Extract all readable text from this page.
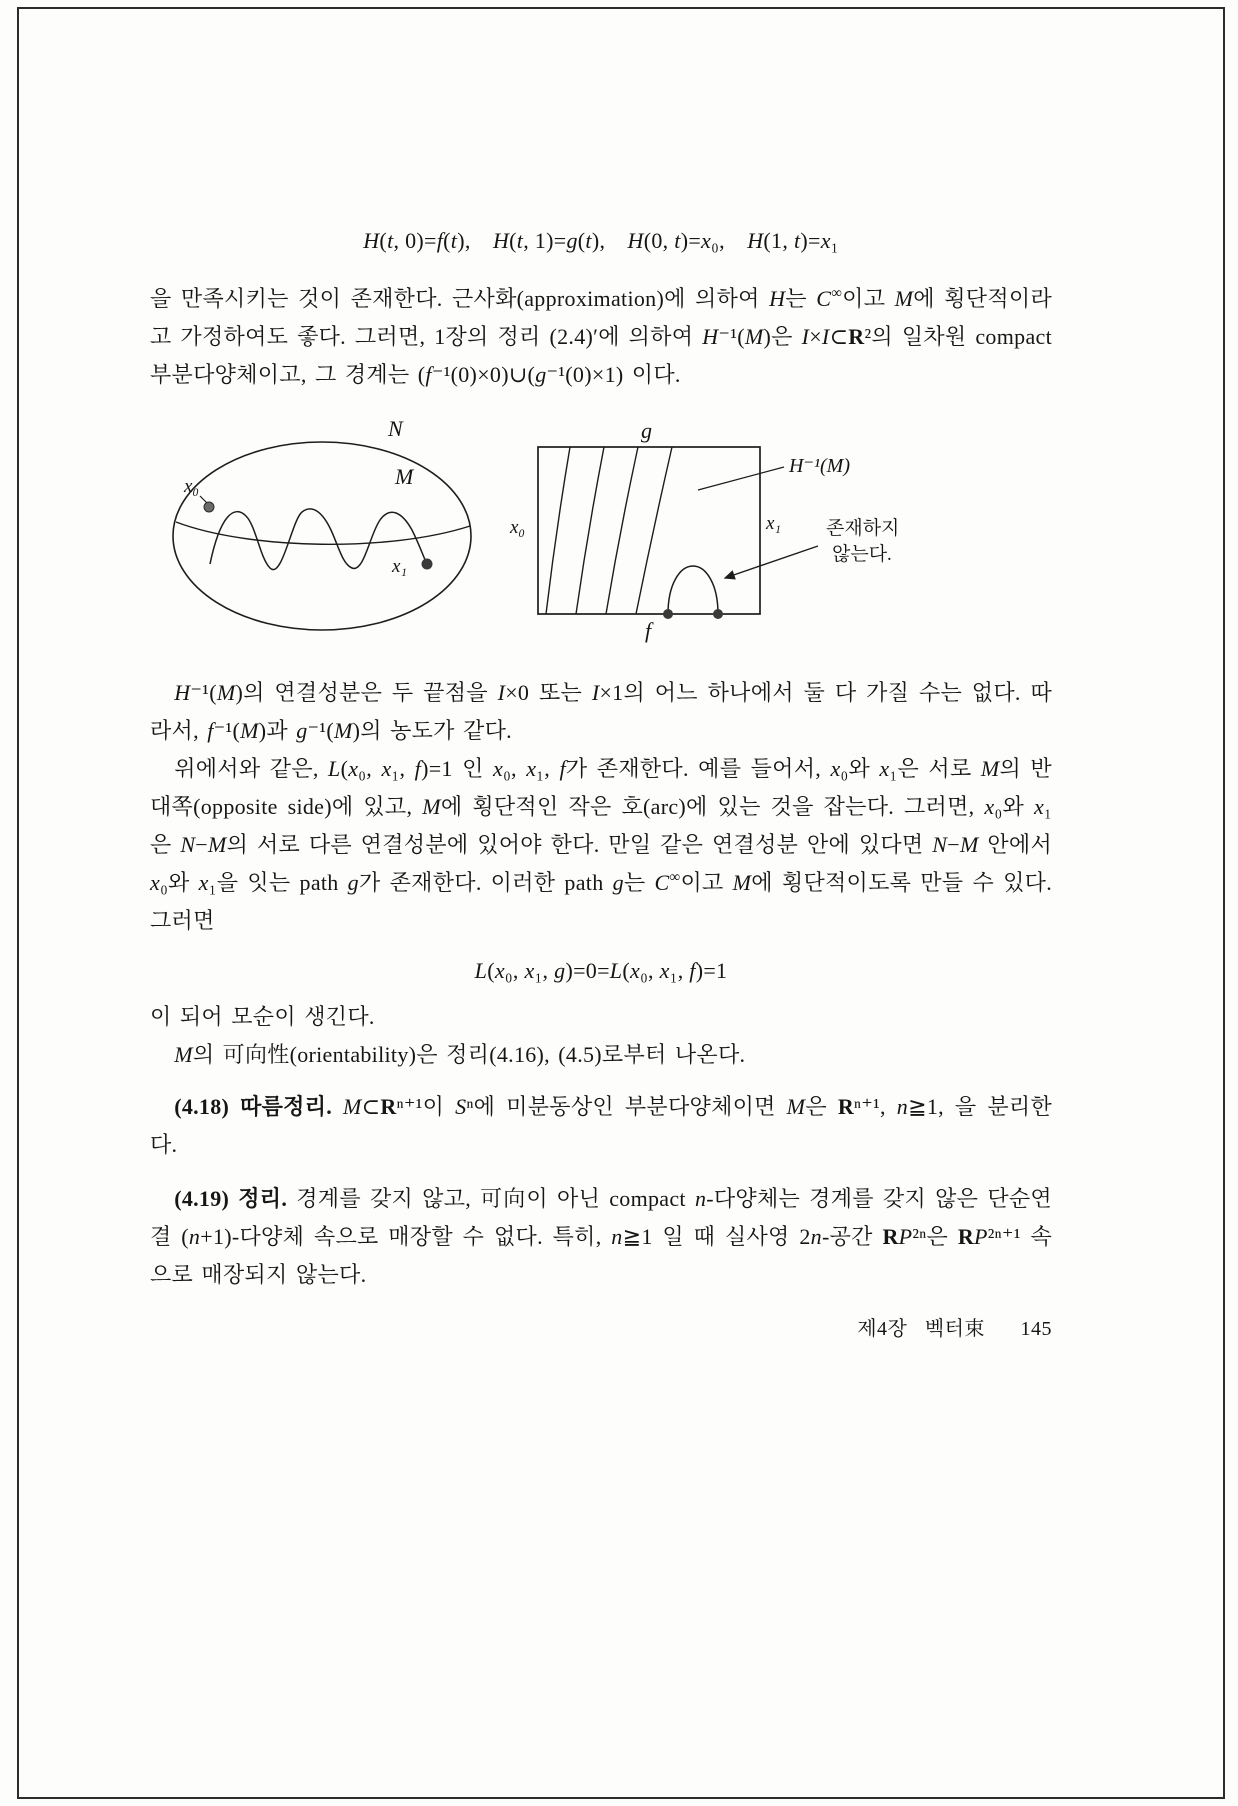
H(t, 0)=f(t), H(t, 1)=g(t), H(0, t)=x₀, H(1, t)=x₁

을 만족시키는 것이 존재한다. 근사화(approximation)에 의하여 H는 C∞이고 M에 횡단적이라고 가정하여도 좋다. 그러면, 1장의 정리 (2.4)′에 의하여 H⁻¹(M)은 I×I⊂R²의 일차원 compact 부분다양체이고, 그 경계는 (f⁻¹(0)×0)∪(g⁻¹(0)×1) 이다.

N
M
x₀
x₁
g
f
x₀	x₁
H⁻¹(M)
존재하지
않는다.

H⁻¹(M)의 연결성분은 두 끝점을 I×0 또는 I×1의 어느 하나에서 둘 다 가질 수는 없다. 따라서, f⁻¹(M)과 g⁻¹(M)의 농도가 같다.

위에서와 같은, L(x₀, x₁, f)=1 인 x₀, x₁, f가 존재한다. 예를 들어서, x₀와 x₁은 서로 M의 반대쪽(opposite side)에 있고, M에 횡단적인 작은 호(arc)에 있는 것을 잡는다. 그러면, x₀와 x₁은 N−M의 서로 다른 연결성분에 있어야 한다. 만일 같은 연결성분 안에 있다면 N−M 안에서 x₀와 x₁을 잇는 path g가 존재한다. 이러한 path g는 C∞이고 M에 횡단적이도록 만들 수 있다. 그러면

L(x₀, x₁, g)=0=L(x₀, x₁, f)=1

이 되어 모순이 생긴다.

M의 可向性(orientability)은 정리(4.16), (4.5)로부터 나온다.

(4.18) 따름정리. M⊂Rⁿ⁺¹이 Sⁿ에 미분동상인 부분다양체이면 M은 Rⁿ⁺¹, n≧1, 을 분리한다.

(4.19) 정리. 경계를 갖지 않고, 可向이 아닌 compact n-다양체는 경계를 갖지 않은 단순연결 (n+1)-다양체 속으로 매장할 수 없다. 특히, n≧1 일 때 실사영 2n-공간 RP²ⁿ은 RP²ⁿ⁺¹ 속으로 매장되지 않는다.

제4장 벡터束 145
